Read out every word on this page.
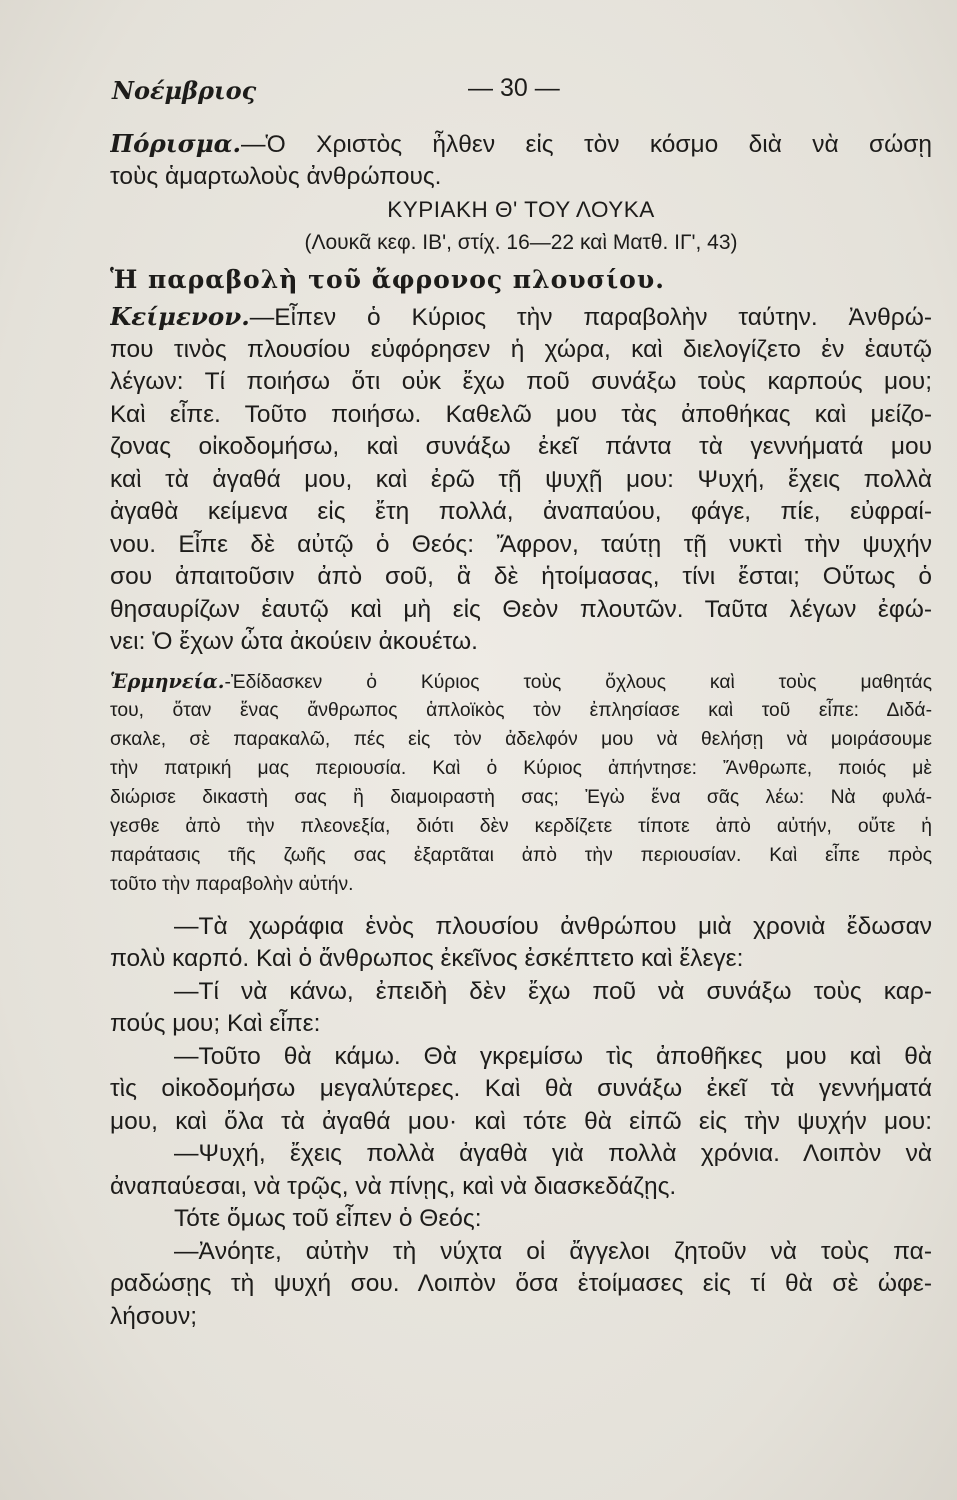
Νοέμβριος	— 30 —
Πόρισμα.—Ὁ Χριστὸς ἦλθεν εἰς τὸν κόσμο διὰ νὰ σώσῃ
τοὺς ἁμαρτωλοὺς ἀνθρώπους.
ΚΥΡΙΑΚΗ Θ' ΤΟΥ ΛΟΥΚΑ
(Λουκᾶ κεφ. ΙΒ', στίχ. 16—22 καὶ Ματθ. ΙΓ', 43)
Ἡ παραβολὴ τοῦ ἄφρονος πλουσίου.
Κείμενον.—Εἶπεν ὁ Κύριος τὴν παραβολὴν ταύτην. Ἀνθρώ-
που τινὸς πλουσίου εὐφόρησεν ἡ χώρα, καὶ διελογίζετο ἐν ἑαυτῷ
λέγων: Τί ποιήσω ὅτι οὐκ ἔχω ποῦ συνάξω τοὺς καρπούς μου;
Καὶ εἶπε. Τοῦτο ποιήσω. Καθελῶ μου τὰς ἀποθήκας καὶ μείζο-
ζονας οἰκοδομήσω, καὶ συνάξω ἐκεῖ πάντα τὰ γεννήματά μου
καὶ τὰ ἀγαθά μου, καὶ ἐρῶ τῇ ψυχῇ μου: Ψυχή, ἔχεις πολλὰ
ἀγαθὰ κείμενα εἰς ἔτη πολλά, ἀναπαύου, φάγε, πίε, εὐφραί-
νου. Εἶπε δὲ αὐτῷ ὁ Θεός: Ἄφρον, ταύτῃ τῇ νυκτὶ τὴν ψυχήν
σου ἀπαιτοῦσιν ἀπὸ σοῦ, ἃ δὲ ἡτοίμασας, τίνι ἔσται; Οὕτως ὁ
θησαυρίζων ἑαυτῷ καὶ μὴ εἰς Θεὸν πλουτῶν. Ταῦτα λέγων ἐφώ-
νει: Ὁ ἔχων ὦτα ἀκούειν ἀκουέτω.
Ἑρμηνεία.-Ἐδίδασκεν ὁ Κύριος τοὺς ὄχλους καὶ τοὺς μαθητάς
του, ὅταν ἕνας ἄνθρωπος ἁπλοϊκὸς τὸν ἐπλησίασε καὶ τοῦ εἶπε: Διδά-
σκαλε, σὲ παρακαλῶ, πές εἰς τὸν ἀδελφόν μου νὰ θελήσῃ νὰ μοιράσουμε
τὴν πατρική μας περιουσία. Καὶ ὁ Κύριος ἀπήντησε: Ἄνθρωπε, ποιός μὲ
διώρισε δικαστὴ σας ἢ διαμοιραστὴ σας; Ἐγὼ ἕνα σᾶς λέω: Νὰ φυλά-
γεσθε ἀπὸ τὴν πλεονεξία, διότι δὲν κερδίζετε τίποτε ἀπὸ αὐτήν, οὔτε ἡ
παράτασις τῆς ζωῆς σας ἐξαρτᾶται ἀπὸ τὴν περιουσίαν. Καὶ εἶπε πρὸς
τοῦτο τὴν παραβολὴν αὐτήν.
—Τὰ χωράφια ἑνὸς πλουσίου ἀνθρώπου μιὰ χρονιὰ ἔδωσαν
πολὺ καρπό. Καὶ ὁ ἄνθρωπος ἐκεῖνος ἐσκέπτετο καὶ ἔλεγε:
—Τί νὰ κάνω, ἐπειδὴ δὲν ἔχω ποῦ νὰ συνάξω τοὺς καρ-
πούς μου; Καὶ εἶπε:
—Τοῦτο θὰ κάμω. Θὰ γκρεμίσω τὶς ἀποθῆκες μου καὶ θὰ
τὶς οἰκοδομήσω μεγαλύτερες. Καὶ θὰ συνάξω ἐκεῖ τὰ γεννήματά
μου, καὶ ὅλα τὰ ἀγαθά μου· καὶ τότε θὰ εἰπῶ εἰς τὴν ψυχήν μου:
—Ψυχή, ἔχεις πολλὰ ἀγαθὰ γιὰ πολλὰ χρόνια. Λοιπὸν νὰ
ἀναπαύεσαι, νὰ τρῷς, νὰ πίνῃς, καὶ νὰ διασκεδάζῃς.
Τότε ὅμως τοῦ εἶπεν ὁ Θεός:
—Ἀνόητε, αὐτὴν τὴ νύχτα οἱ ἄγγελοι ζητοῦν νὰ τοὺς πα-
ραδώσῃς τὴ ψυχή σου. Λοιπὸν ὅσα ἑτοίμασες εἰς τί θὰ σὲ ὠφε-
λήσουν;
